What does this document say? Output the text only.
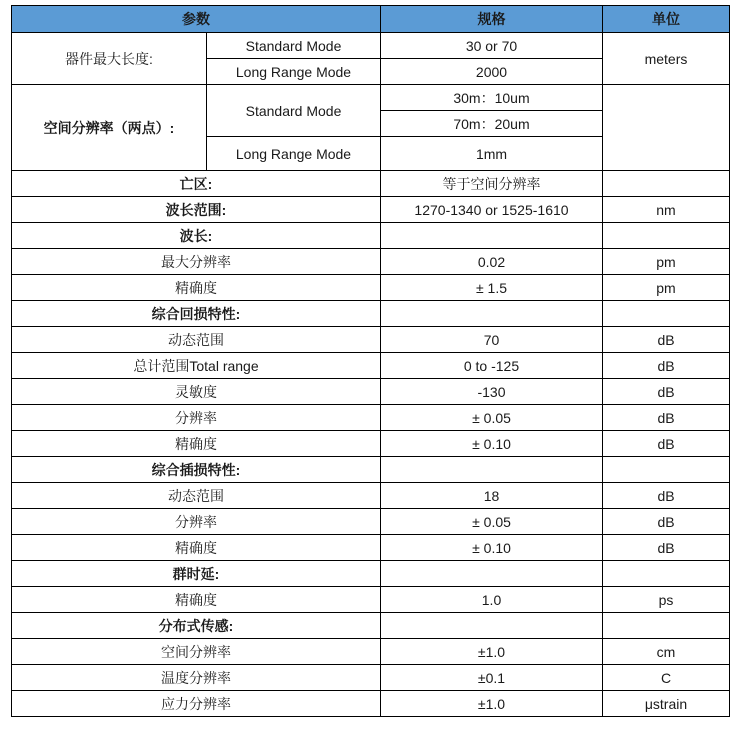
参数		规格	单位
器件最大长度:	Standard Mode	30 or 70	meters
	Long Range Mode	2000	
空间分辨率（两点）:	Standard Mode	30m：10um	
		70m：20um	
	Long Range Mode	1mm	
亡区:		等于空间分辨率	
波长范围:		1270-1340 or 1525-1610	nm
波长:			
最大分辨率		0.02	pm
精确度		± 1.5	pm
综合回损特性:			
动态范围		70	dB
总计范围Total range		0 to -125	dB
灵敏度		-130	dB
分辨率		± 0.05	dB
精确度		± 0.10	dB
综合插损特性:			
动态范围		18	dB
分辨率		± 0.05	dB
精确度		± 0.10	dB
群时延:			
精确度		1.0	ps
分布式传感:			
空间分辨率		±1.0	cm
温度分辨率		±0.1	C
应力分辨率		±1.0	μstrain
